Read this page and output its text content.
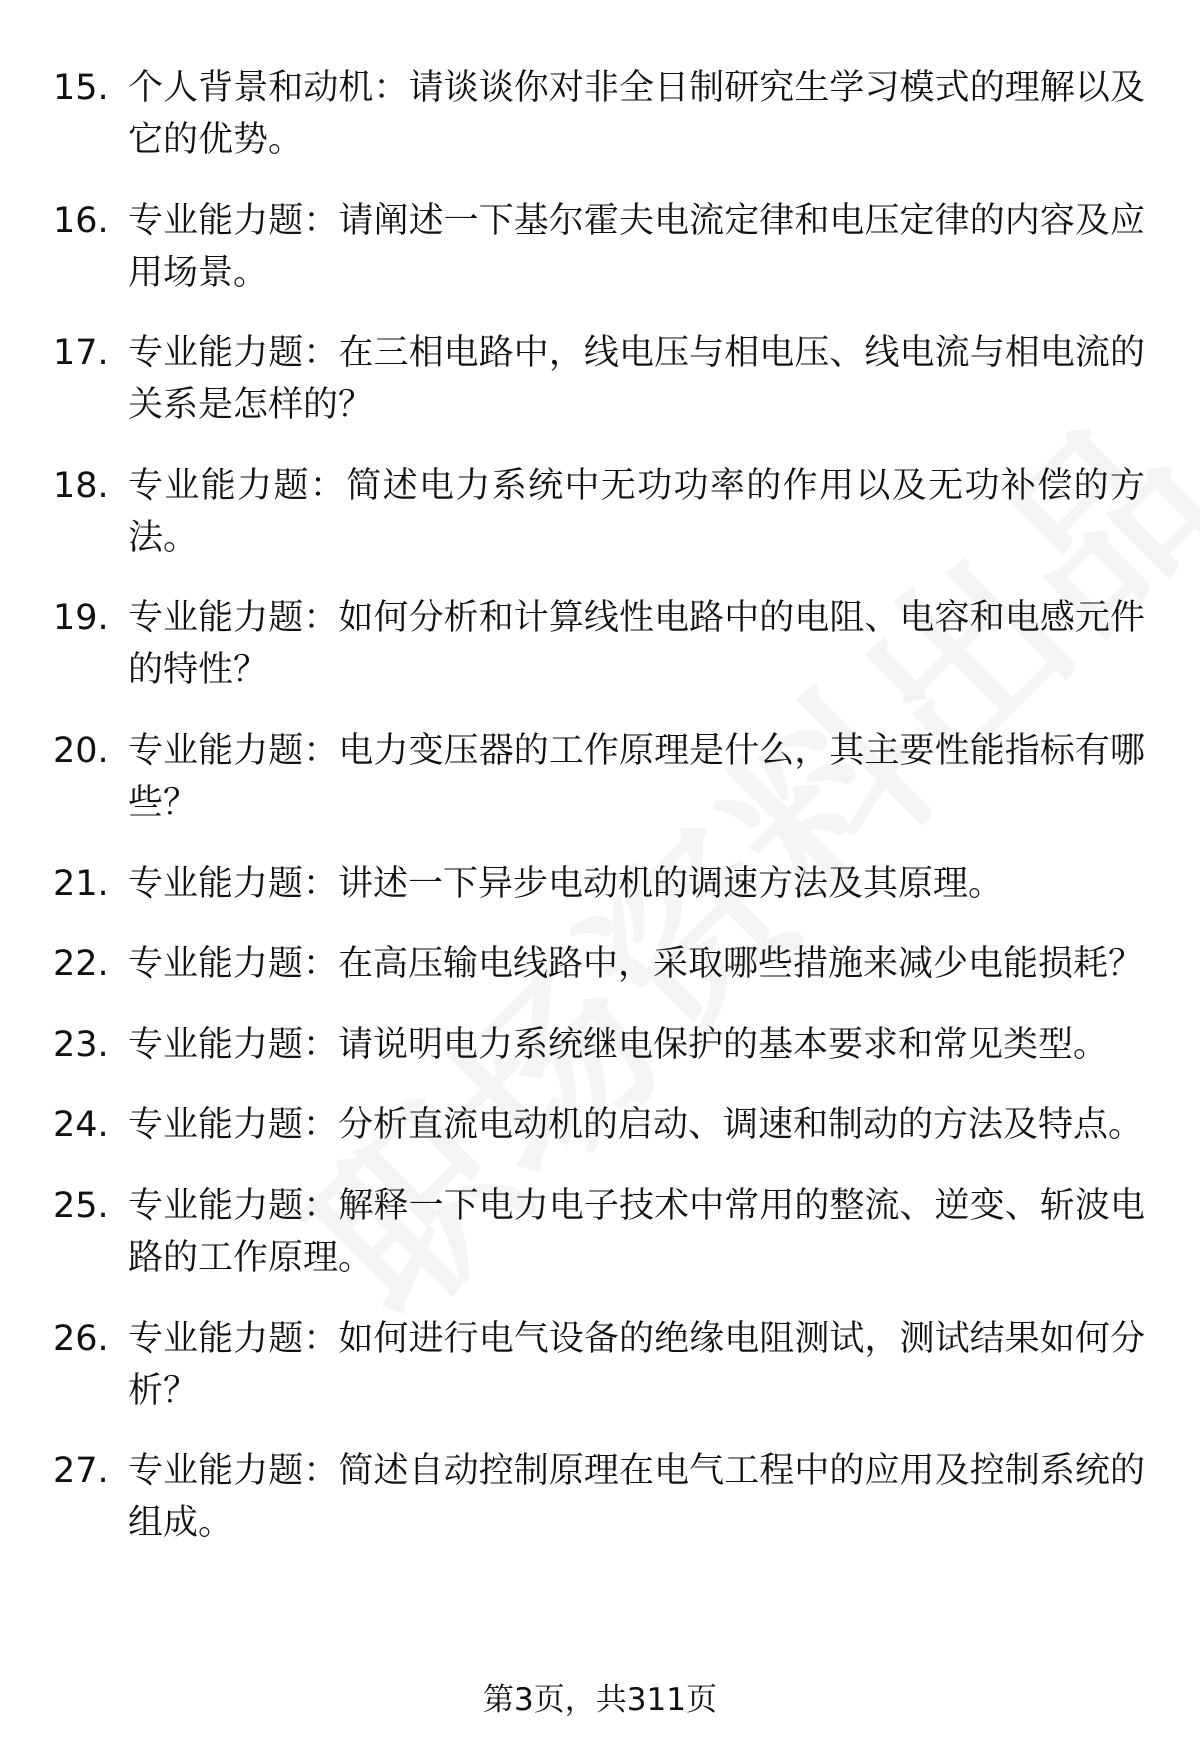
15. 个人背景和动机：请谈谈你对非全日制研究生学习模式的理解以及它的优势。
16. 专业能力题：请阐述一下基尔霍夫电流定律和电压定律的内容及应用场景。
17. 专业能力题：在三相电路中，线电压与相电压、线电流与相电流的关系是怎样的？
18. 专业能力题：简述电力系统中无功功率的作用以及无功补偿的方法。
19. 专业能力题：如何分析和计算线性电路中的电阻、电容和电感元件的特性？
20. 专业能力题：电力变压器的工作原理是什么，其主要性能指标有哪些？
21. 专业能力题：讲述一下异步电动机的调速方法及其原理。
22. 专业能力题：在高压输电线路中，采取哪些措施来减少电能损耗？
23. 专业能力题：请说明电力系统继电保护的基本要求和常见类型。
24. 专业能力题：分析直流电动机的启动、调速和制动的方法及特点。
25. 专业能力题：解释一下电力电子技术中常用的整流、逆变、斩波电路的工作原理。
26. 专业能力题：如何进行电气设备的绝缘电阻测试，测试结果如何分析？
27. 专业能力题：简述自动控制原理在电气工程中的应用及控制系统的组成。
第3页，共311页
